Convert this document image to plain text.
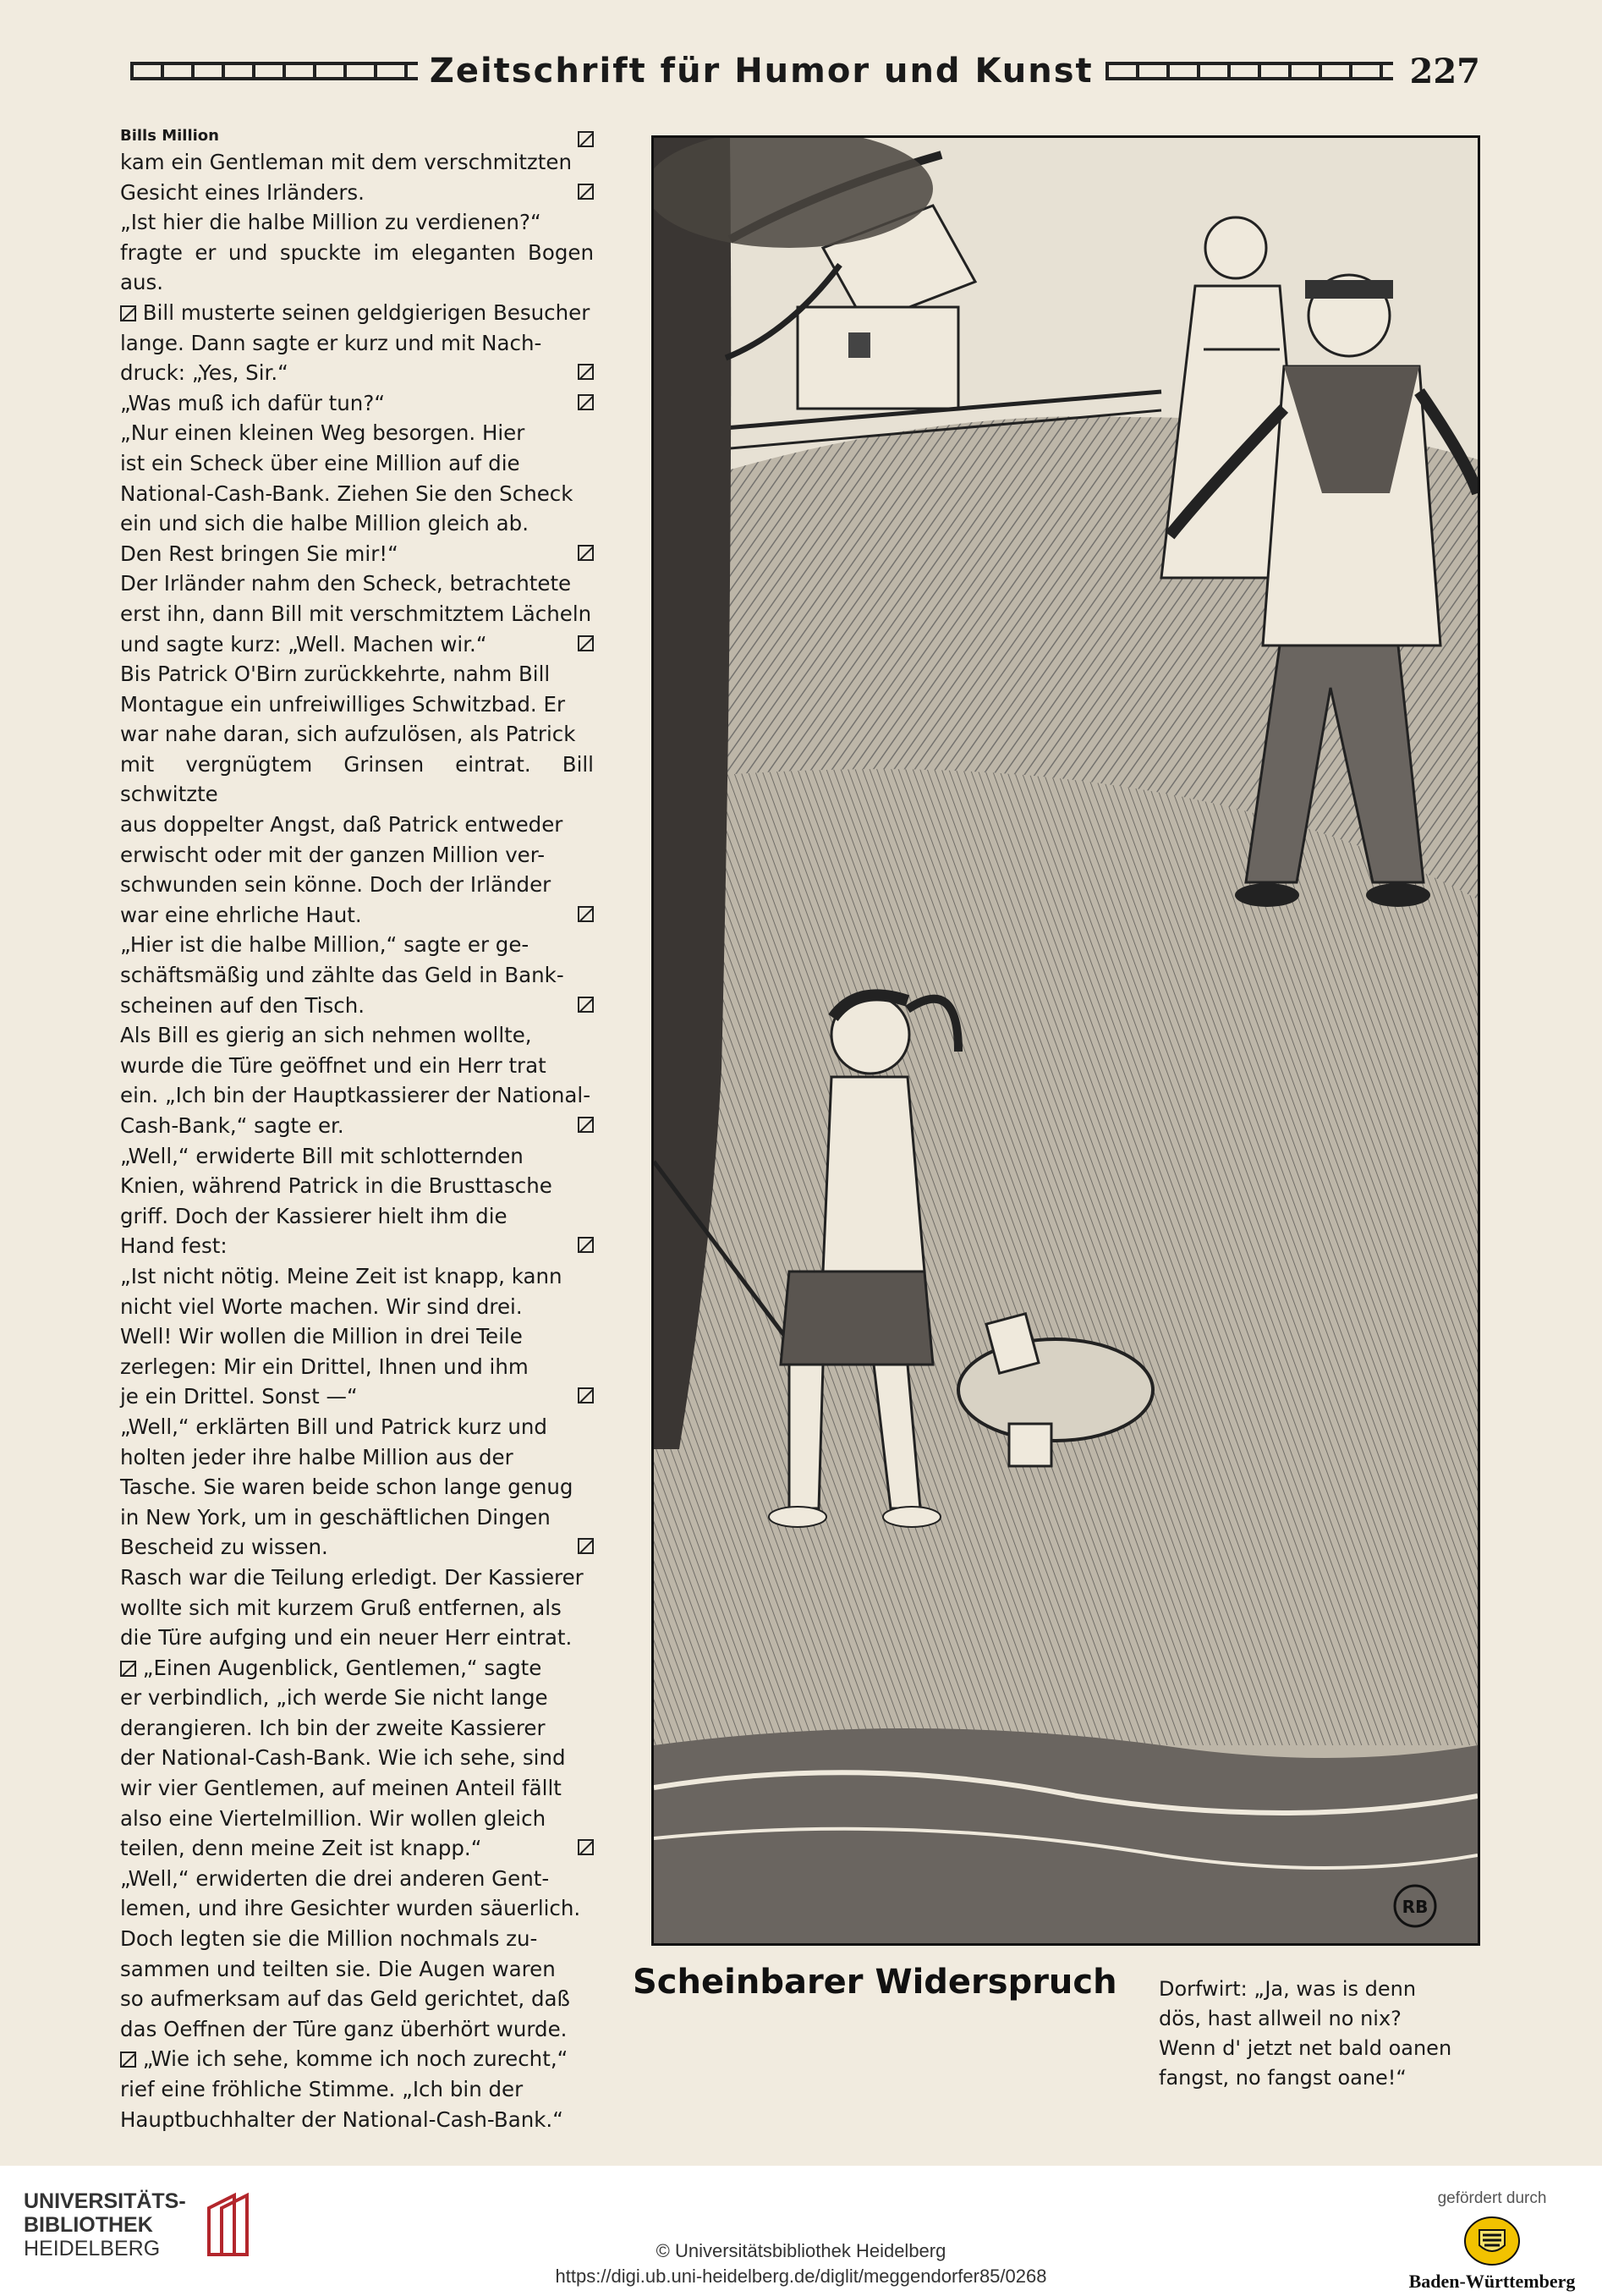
Zeitschrift für Humor und Kunst	227
Bills Million

kam ein Gentleman mit dem verschmitzten

Gesicht eines Irländers.

„Ist hier die halbe Million zu verdienen?“

fragte er und spuckte im eleganten Bogen aus.

Bill musterte seinen geldgierigen Besucher

lange. Dann sagte er kurz und mit Nach-

druck: „Yes, Sir.“

„Was muß ich dafür tun?“

„Nur einen kleinen Weg besorgen. Hier

ist ein Scheck über eine Million auf die

National-Cash-Bank. Ziehen Sie den Scheck

ein und sich die halbe Million gleich ab.

Den Rest bringen Sie mir!“

Der Irländer nahm den Scheck, betrachtete

erst ihn, dann Bill mit verschmitztem Lächeln

und sagte kurz: „Well. Machen wir.“

Bis Patrick O'Birn zurückkehrte, nahm Bill

Montague ein unfreiwilliges Schwitzbad. Er

war nahe daran, sich aufzulösen, als Patrick

mit vergnügtem Grinsen eintrat. Bill schwitzte

aus doppelter Angst, daß Patrick entweder

erwischt oder mit der ganzen Million ver-

schwunden sein könne. Doch der Irländer

war eine ehrliche Haut.

„Hier ist die halbe Million,“ sagte er ge-

schäftsmäßig und zählte das Geld in Bank-

scheinen auf den Tisch.

Als Bill es gierig an sich nehmen wollte,

wurde die Türe geöffnet und ein Herr trat

ein. „Ich bin der Hauptkassierer der National-

Cash-Bank,“ sagte er.

„Well,“ erwiderte Bill mit schlotternden

Knien, während Patrick in die Brusttasche

griff. Doch der Kassierer hielt ihm die

Hand fest:

„Ist nicht nötig. Meine Zeit ist knapp, kann

nicht viel Worte machen. Wir sind drei.

Well! Wir wollen die Million in drei Teile

zerlegen: Mir ein Drittel, Ihnen und ihm

je ein Drittel. Sonst —“

„Well,“ erklärten Bill und Patrick kurz und

holten jeder ihre halbe Million aus der

Tasche. Sie waren beide schon lange genug

in New York, um in geschäftlichen Dingen

Bescheid zu wissen.

Rasch war die Teilung erledigt. Der Kassierer

wollte sich mit kurzem Gruß entfernen, als

die Türe aufging und ein neuer Herr eintrat.

„Einen Augenblick, Gentlemen,“ sagte

er verbindlich, „ich werde Sie nicht lange

derangieren. Ich bin der zweite Kassierer

der National-Cash-Bank. Wie ich sehe, sind

wir vier Gentlemen, auf meinen Anteil fällt

also eine Viertelmillion. Wir wollen gleich

teilen, denn meine Zeit ist knapp.“

„Well,“ erwiderten die drei anderen Gent-

lemen, und ihre Gesichter wurden säuerlich.

Doch legten sie die Million nochmals zu-

sammen und teilten sie. Die Augen waren

so aufmerksam auf das Geld gerichtet, daß

das Oeffnen der Türe ganz überhört wurde.

„Wie ich sehe, komme ich noch zurecht,“

rief eine fröhliche Stimme. „Ich bin der

Hauptbuchhalter der National-Cash-Bank.“

RB
Scheinbarer Widerspruch Dorfwirt: „Ja, was is denn
dös, hast allweil no nix?
Wenn d' jetzt net bald oanen
fangst, no fangst oane!“
UNIVERSITÄTS-
BIBLIOTHEK
HEIDELBERG	© Universitätsbibliothek Heidelberg
https://digi.ub.uni-heidelberg.de/diglit/meggendorfer85/0268
gefördert durch
Baden-Württemberg
